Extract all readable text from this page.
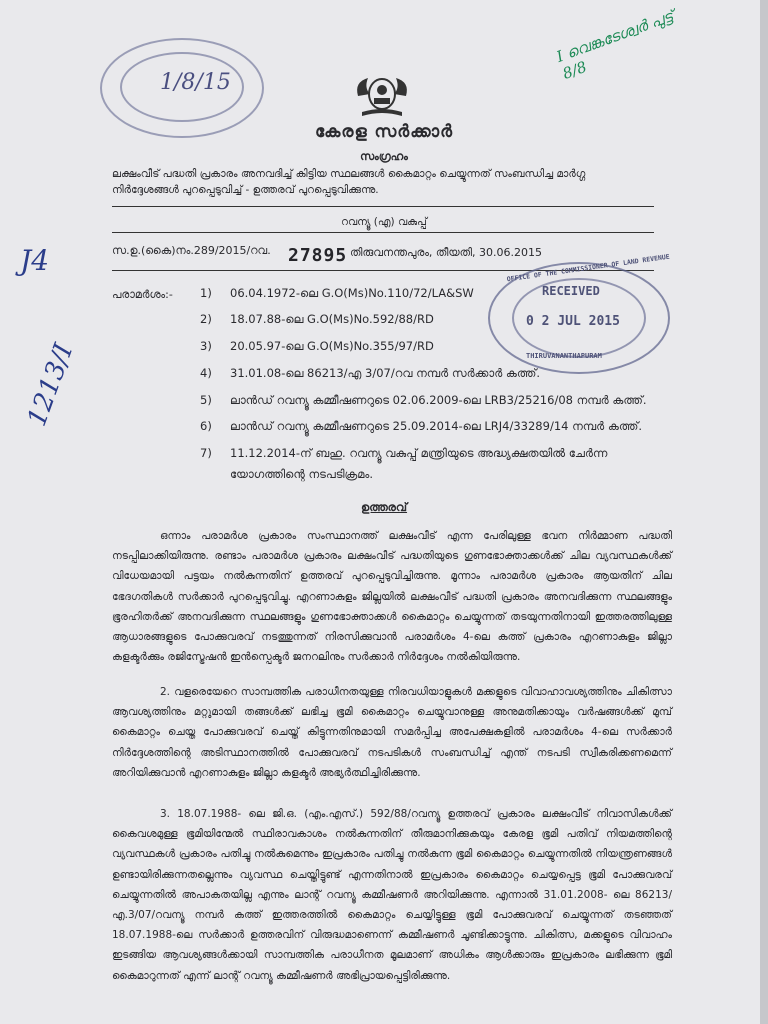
1/8/15
കേരള സർക്കാർ
സംഗ്രഹം
ലക്ഷംവീട് പദ്ധതി പ്രകാരം അനവദിച്ച് കിട്ടിയ സ്ഥലങ്ങൾ കൈമാറ്റം ചെയ്യുന്നത് സംബന്ധിച്ച മാർഗ്ഗ നിർദ്ദേശങ്ങൾ പുറപ്പെടുവിച്ച് - ഉത്തരവ് പുറപ്പെടുവിക്കുന്നു.
റവന്യൂ (എ) വകുപ്പ്
സ.ഉ.(കൈ)നം.289/2015/റവ. 27895 തിരുവനന്തപുരം, തീയതി, 30.06.2015
പരാമർശം:- 1) 06.04.1972-ലെ G.O(Ms)No.110/72/LA&SW
2) 18.07.88-ലെ G.O(Ms)No.592/88/RD
3) 20.05.97-ലെ G.O(Ms)No.355/97/RD
4) 31.01.08-ലെ 86213/എ 3/07/റവ നമ്പർ സർക്കാർ കത്ത്.
5) ലാൻഡ് റവന്യൂ കമ്മീഷണറുടെ 02.06.2009-ലെ LRB3/25216/08 നമ്പർ കത്ത്.
6) ലാൻഡ് റവന്യൂ കമ്മീഷണറുടെ 25.09.2014-ലെ LRJ4/33289/14 നമ്പർ കത്ത്.
7) 11.12.2014-ന് ബഹു. റവന്യൂ വകുപ്പ് മന്ത്രിയുടെ അദ്ധ്യക്ഷതയിൽ ചേർന്ന
യോഗത്തിന്റെ നടപടിക്രമം.
RECEIVED
0 2 JUL 2015
OFFICE OF THE COMMISSIONER OF LAND REVENUE
THIRUVANANTHAPURAM
J4
1213/I
I വെങ്കടേശ്വർ പുട്ട് 8/8
ഉത്തരവ്
ഒന്നാം പരാമർശ പ്രകാരം സംസ്ഥാനത്ത് ലക്ഷംവീട് എന്ന പേരിലുള്ള ഭവന നിർമ്മാണ പദ്ധതി നടപ്പിലാക്കിയിരുന്നു. രണ്ടാം പരാമർശ പ്രകാരം ലക്ഷംവീട് പദ്ധതിയുടെ ഗുണഭോക്താക്കൾക്ക് ചില വ്യവസ്ഥകൾക്ക് വിധേയമായി പട്ടയം നൽകുന്നതിന് ഉത്തരവ് പുറപ്പെടുവിച്ചിരുന്നു. മൂന്നാം പരാമർശ പ്രകാരം ആയതിന് ചില ഭേദഗതികൾ സർക്കാർ പുറപ്പെടുവിച്ചു. എറണാകുളം ജില്ലയിൽ ലക്ഷംവീട് പദ്ധതി പ്രകാരം അനവദിക്കുന്ന സ്ഥലങ്ങളും ഭൂരഹിതർക്ക് അനവദിക്കുന്ന സ്ഥലങ്ങളും ഗുണഭോക്താക്കൾ കൈമാറ്റം ചെയ്യുന്നത് തടയുന്നതിനായി ഇത്തരത്തിലുള്ള ആധാരങ്ങളുടെ പോക്കുവരവ് നടത്തുന്നത് നിരസിക്കുവാൻ പരാമർശം 4-ലെ കത്ത് പ്രകാരം എറണാകുളം ജില്ലാ കളക്ടർക്കും രജിസ്ട്രേഷൻ ഇൻസ്പെക്ടർ ജനറലിനും സർക്കാർ നിർദ്ദേശം നൽകിയിരുന്നു.
2. വളരെയേറെ സാമ്പത്തിക പരാധീനതയുള്ള നിരവധിയാളുകൾ മക്കളുടെ വിവാഹാവശ്യത്തിനും ചികിത്സാ ആവശ്യത്തിനും മറ്റുമായി തങ്ങൾക്ക് ലഭിച്ച ഭൂമി കൈമാറ്റം ചെയ്യുവാനുള്ള അനുമതിക്കായും വർഷങ്ങൾക്ക് മുമ്പ് കൈമാറ്റം ചെയ്ത പോക്കുവരവ് ചെയ്ത് കിട്ടുന്നതിനുമായി സമർപ്പിച്ച അപേക്ഷകളിൽ പരാമർശം 4-ലെ സർക്കാർ നിർദ്ദേശത്തിന്റെ അടിസ്ഥാനത്തിൽ പോക്കുവരവ് നടപടികൾ സംബന്ധിച്ച് എന്ത് നടപടി സ്വീകരിക്കണമെന്ന് അറിയിക്കുവാൻ എറണാകുളം ജില്ലാ കളക്ടർ അഭ്യർത്ഥിച്ചിരിക്കുന്നു.
3. 18.07.1988- ലെ ജി.ഒ. (എം.എസ്.) 592/88/റവന്യൂ ഉത്തരവ് പ്രകാരം ലക്ഷംവീട് നിവാസികൾക്ക് കൈവശമുള്ള ഭൂമിയിന്മേൽ സ്ഥിരാവകാശം നൽകുന്നതിന് തീരുമാനിക്കുകയും കേരള ഭൂമി പതിവ് നിയമത്തിന്റെ വ്യവസ്ഥകൾ പ്രകാരം പതിച്ചു നൽകുമെന്നും ഇപ്രകാരം പതിച്ചു നൽകുന്ന ഭൂമി കൈമാറ്റം ചെയ്യുന്നതിൽ നിയന്ത്രണങ്ങൾ ഉണ്ടായിരിക്കുന്നതല്ലെന്നും വ്യവസ്ഥ ചെയ്തിട്ടുണ്ട് എന്നതിനാൽ ഇപ്രകാരം കൈമാറ്റം ചെയ്യപ്പെട്ട ഭൂമി പോക്കുവരവ് ചെയ്യുന്നതിൽ അപാകതയില്ല എന്നും ലാന്റ് റവന്യൂ കമ്മീഷണർ അറിയിക്കുന്നു. എന്നാൽ 31.01.2008- ലെ 86213/എ.3/07/റവന്യൂ നമ്പർ കത്ത് ഇത്തരത്തിൽ കൈമാറ്റം ചെയ്യിട്ടുള്ള ഭൂമി പോക്കുവരവ് ചെയ്യുന്നത് തടഞ്ഞത് 18.07.1988-ലെ സർക്കാർ ഉത്തരവിന് വിരുദ്ധമാണെന്ന് കമ്മീഷണർ ചൂണ്ടിക്കാട്ടുന്നു. ചികിത്സ, മക്കളുടെ വിവാഹം ഇടങ്ങിയ ആവശ്യങ്ങൾക്കായി സാമ്പത്തിക പരാധീനത മൂലമാണ് അധികം ആൾക്കാരും ഇപ്രകാരം ലഭിക്കുന്ന ഭൂമി കൈമാറുന്നത് എന്ന് ലാന്റ് റവന്യൂ കമ്മീഷണർ അഭിപ്രായപ്പെട്ടിരിക്കുന്നു.
